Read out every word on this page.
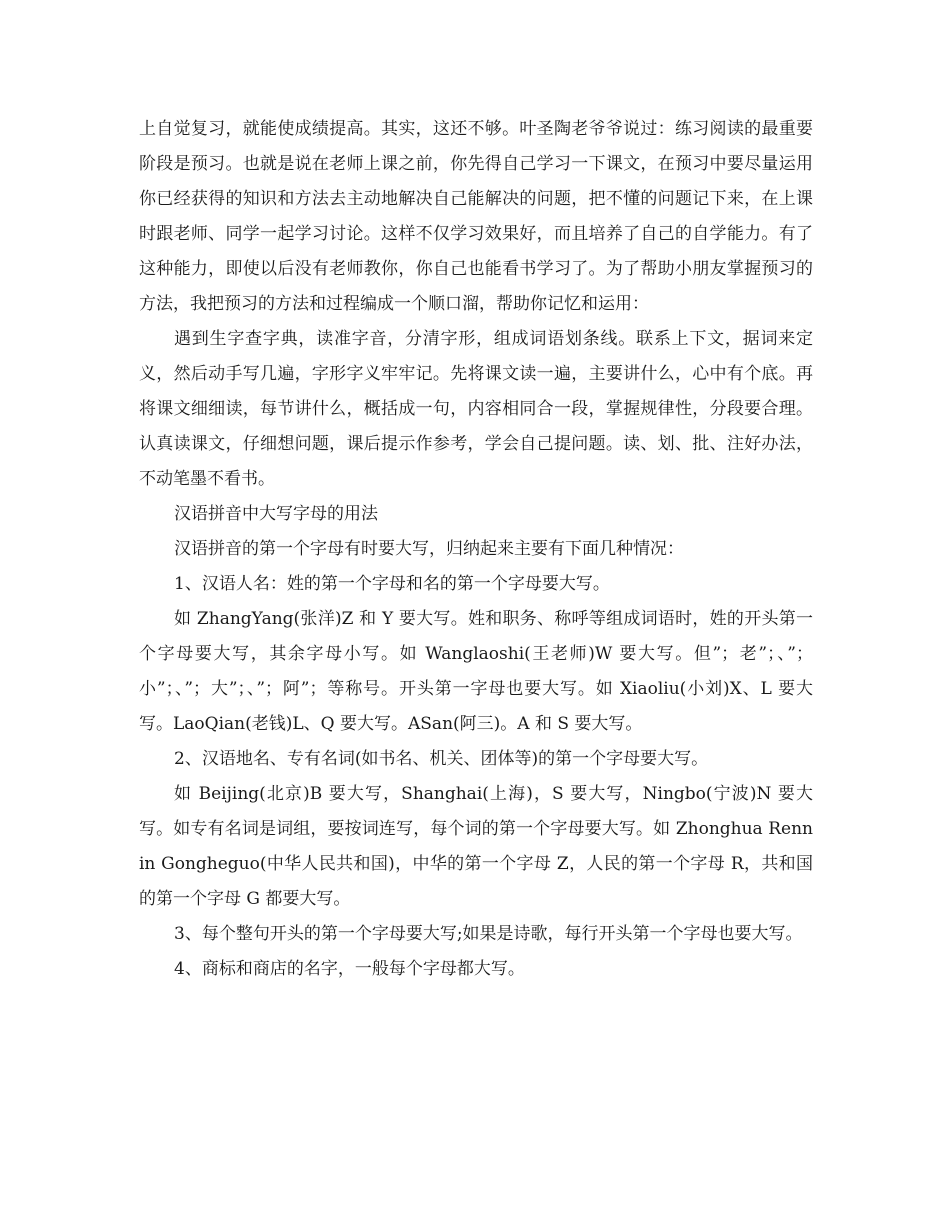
上自觉复习，就能使成绩提高。其实，这还不够。叶圣陶老爷爷说过：练习阅读的最重要阶段是预习。也就是说在老师上课之前，你先得自己学习一下课文，在预习中要尽量运用你已经获得的知识和方法去主动地解决自己能解决的问题，把不懂的问题记下来，在上课时跟老师、同学一起学习讨论。这样不仅学习效果好，而且培养了自己的自学能力。有了这种能力，即使以后没有老师教你，你自己也能看书学习了。为了帮助小朋友掌握预习的方法，我把预习的方法和过程编成一个顺口溜，帮助你记忆和运用：

遇到生字查字典，读准字音，分清字形，组成词语划条线。联系上下文，据词来定义，然后动手写几遍，字形字义牢牢记。先将课文读一遍，主要讲什么，心中有个底。再将课文细细读，每节讲什么，概括成一句，内容相同合一段，掌握规律性，分段要合理。认真读课文，仔细想问题，课后提示作参考，学会自己提问题。读、划、批、注好办法，不动笔墨不看书。

汉语拼音中大写字母的用法

汉语拼音的第一个字母有时要大写，归纳起来主要有下面几种情况：

1、汉语人名：姓的第一个字母和名的第一个字母要大写。

如 ZhangYang(张洋)Z 和 Y 要大写。姓和职务、称呼等组成词语时，姓的开头第一个字母要大写，其余字母小写。如 Wanglaoshi(王老师)W 要大写。但”；老”；、”；小”；、”；大”；、”；阿”；等称号。开头第一字母也要大写。如 Xiaoliu(小刘)X、L 要大写。LaoQian(老钱)L、Q 要大写。ASan(阿三)。A 和 S 要大写。

2、汉语地名、专有名词(如书名、机关、团体等)的第一个字母要大写。

如 Beijing(北京)B 要大写，Shanghai(上海)，S 要大写，Ningbo(宁波)N 要大写。如专有名词是词组，要按词连写，每个词的第一个字母要大写。如 Zhonghua Rennin Gongheguo(中华人民共和国)，中华的第一个字母 Z，人民的第一个字母 R，共和国的第一个字母 G 都要大写。

3、每个整句开头的第一个字母要大写;如果是诗歌，每行开头第一个字母也要大写。

4、商标和商店的名字，一般每个字母都大写。
